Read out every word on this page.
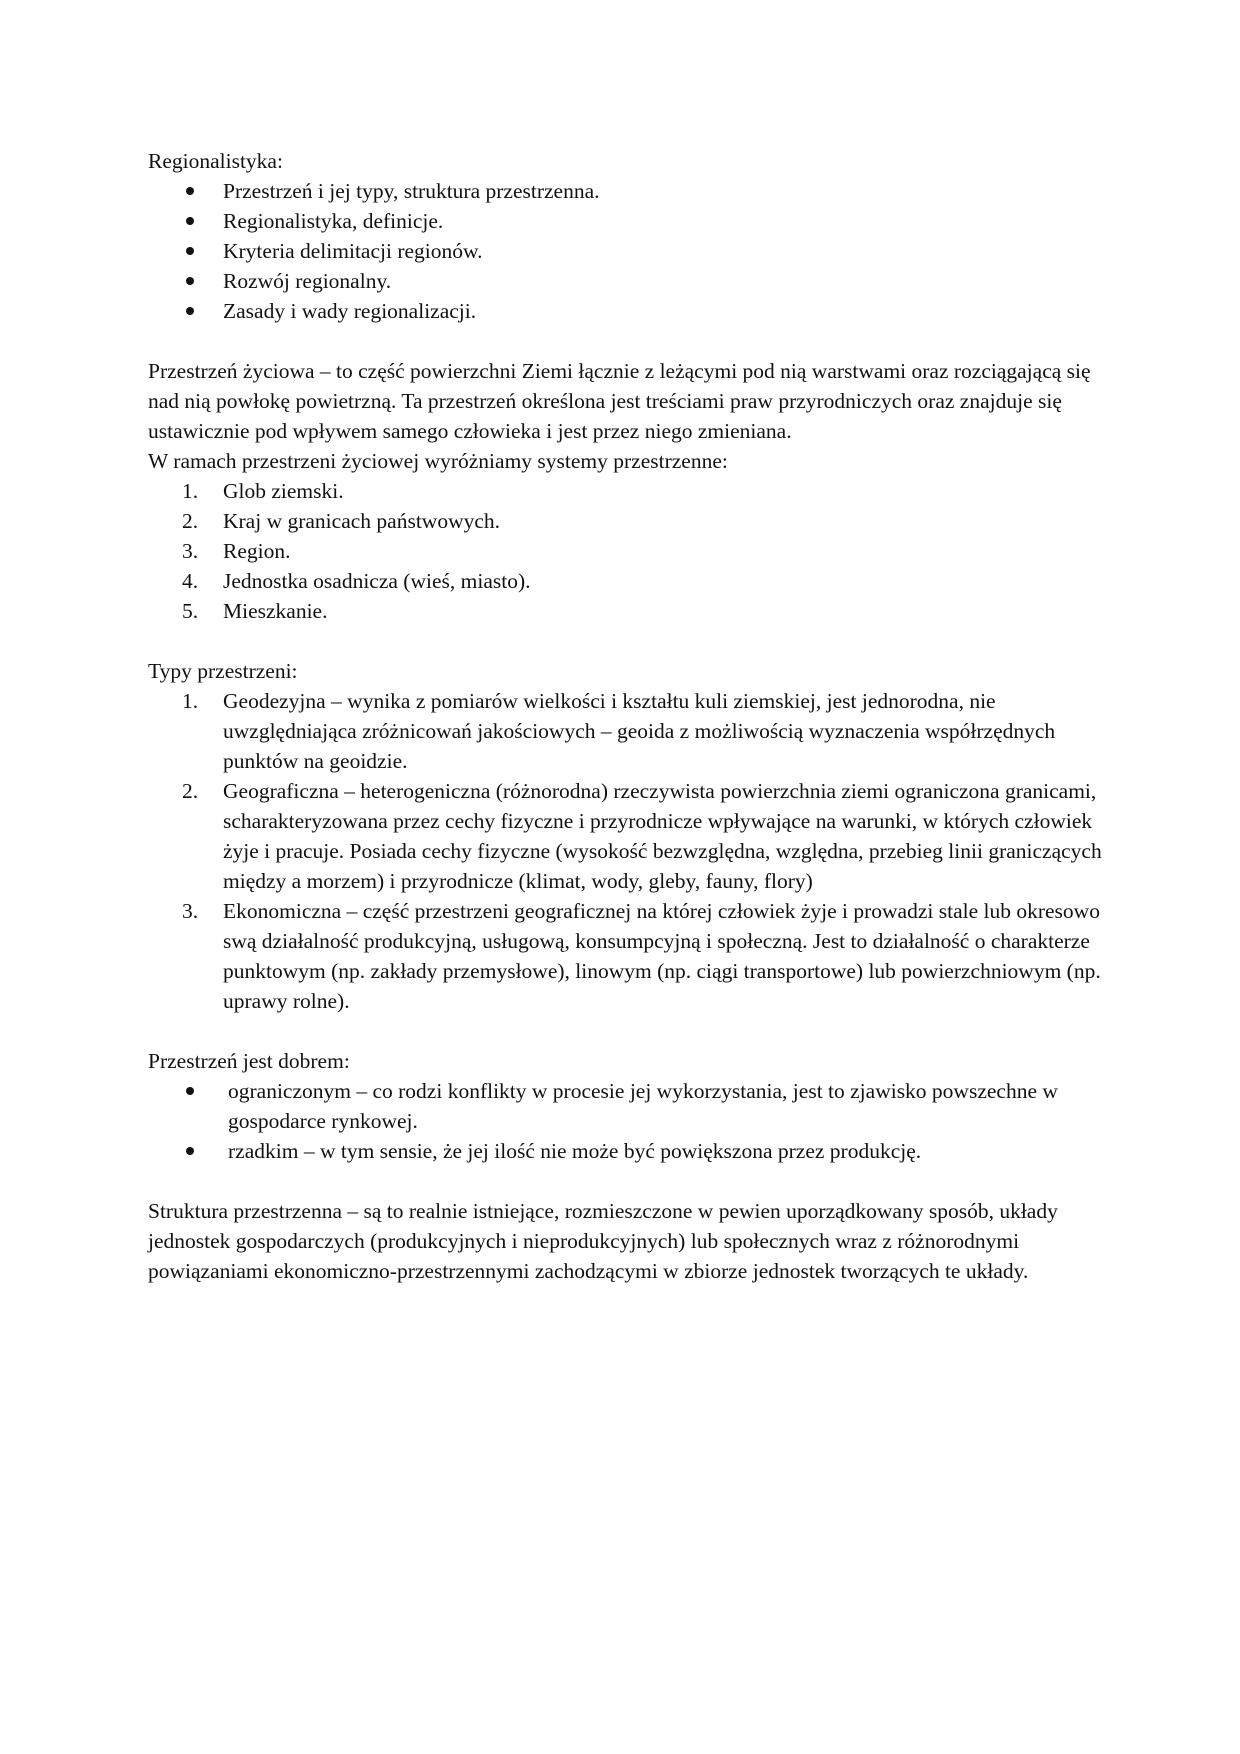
Regionalistyka:

Przestrzeń i jej typy, struktura przestrzenna.
Regionalistyka, definicje.
Kryteria delimitacji regionów.
Rozwój regionalny.
Zasady i wady regionalizacji.

Przestrzeń życiowa – to część powierzchni Ziemi łącznie z leżącymi pod nią warstwami oraz rozciągającą się nad nią powłokę powietrzną. Ta przestrzeń określona jest treściami praw przyrodniczych oraz znajduje się ustawicznie pod wpływem samego człowieka i jest przez niego zmieniana.

W ramach przestrzeni życiowej wyróżniamy systemy przestrzenne:

1.	Glob ziemski.
2.	Kraj w granicach państwowych.
3.	Region.
4.	Jednostka osadnicza (wieś, miasto).
5.	Mieszkanie.

Typy przestrzeni:

1.	Geodezyjna – wynika z pomiarów wielkości i kształtu kuli ziemskiej, jest jednorodna, nie uwzględniająca zróżnicowań jakościowych – geoida z możliwością wyznaczenia współrzędnych punktów na geoidzie.
2.	Geograficzna – heterogeniczna (różnorodna) rzeczywista powierzchnia ziemi ograniczona granicami, scharakteryzowana przez cechy fizyczne i przyrodnicze wpływające na warunki, w których człowiek żyje i pracuje. Posiada cechy fizyczne (wysokość bezwzględna, względna, przebieg linii graniczących między a morzem) i przyrodnicze (klimat, wody, gleby, fauny, flory)
3.	Ekonomiczna – część przestrzeni geograficznej na której człowiek żyje i prowadzi stale lub okresowo swą działalność produkcyjną, usługową, konsumpcyjną i społeczną. Jest to działalność o charakterze punktowym (np. zakłady przemysłowe), linowym (np. ciągi transportowe) lub powierzchniowym (np. uprawy rolne).

Przestrzeń jest dobrem:

ograniczonym – co rodzi konflikty w procesie jej wykorzystania, jest to zjawisko powszechne w gospodarce rynkowej.
rzadkim – w tym sensie, że jej ilość nie może być powiększona przez produkcję.

Struktura przestrzenna – są to realnie istniejące, rozmieszczone w pewien uporządkowany sposób, układy jednostek gospodarczych (produkcyjnych i nieprodukcyjnych) lub społecznych wraz z różnorodnymi powiązaniami ekonomiczno-przestrzennymi zachodzącymi w zbiorze jednostek tworzących te układy.
